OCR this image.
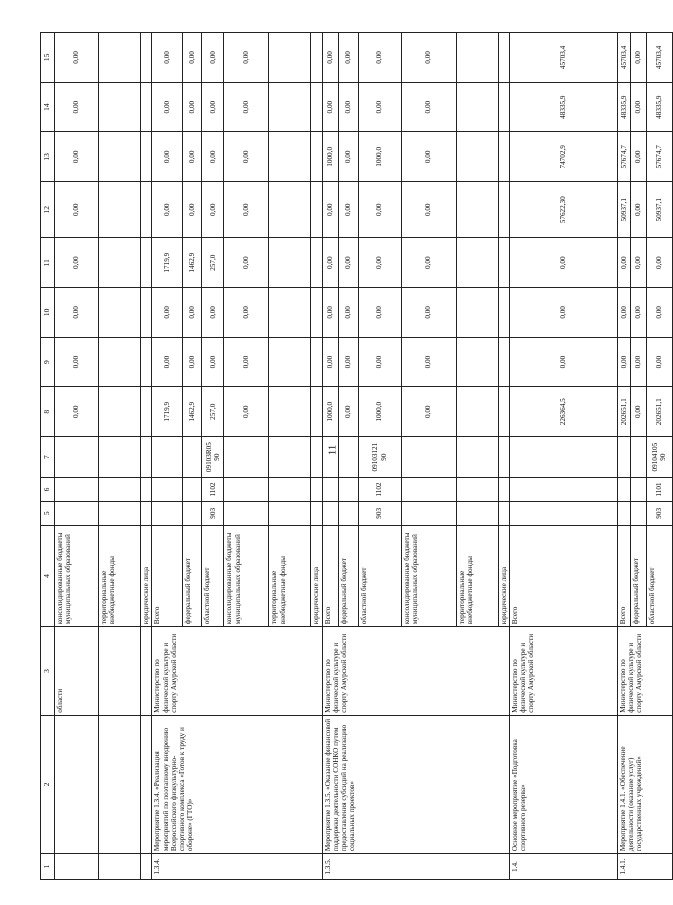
11
1	2	3	4	5	6	7	8	9	10	11	12	13	14	15
		области	консолидированные бюджеты муниципальных образований				0,00	0,00	0,00	0,00	0,00	0,00	0,00	0,00
			территориальные внебюджетные фонды											
			юридические лица											
1.3.4.	Мероприятие 1.3.4. «Реализация мероприятий по поэтапному внедрению Всероссийского физкультурно-спортивного комплекса «Готов к труду и обороне» (ГТО)»	Министерство по физической культуре и спорту Амурской области	Всего				1719,9	0,00	0,00	1719,9	0,00	0,00	0,00	0,00
			федеральный бюджет				1462,9	0,00	0,00	1462,9	0,00	0,00	0,00	0,00
			областной бюджет	903	1102	09103R05 90	257,0	0,00	0,00	257,0	0,00	0,00	0,00	0,00
			консолидированные бюджеты муниципальных образований				0,00	0,00	0,00	0,00	0,00	0,00	0,00	0,00
			территориальные внебюджетные фонды											
			юридические лица											
1.3.5.	Мероприятие 1.3.5. «Оказание финансовой поддержки деятельности СОНКО путем предоставления субсидий на реализацию социальных проектов»	Министерство по физической культуре и спорту Амурской области	Всего				1000,0	0,00	0,00	0,00	0,00	1000,0	0,00	0,00
			федеральный бюджет				0,00	0,00	0,00	0,00	0,00	0,00	0,00	0,00
			областной бюджет	903	1102	09103121 90	1000,0	0,00	0,00	0,00	0,00	1000,0	0,00	0,00
			консолидированные бюджеты муниципальных образований				0,00	0,00	0,00	0,00	0,00	0,00	0,00	0,00
			территориальные внебюджетные фонды											
			юридические лица											
1.4.	Основное мероприятие «Подготовка спортивного резерва»	Министерство по физической культуре и спорту Амурской области	Всего				226364,5	0,00	0,00	0,00	57622,30	74702,9	48335,9	45703,4
1.4.1.	Мероприятие 1.4.1. «Обеспечение деятельности (оказание услуг) государственных учреждений»	Министерство по физической культуре и спорту Амурской области	Всего				202651,1	0,00	0,00	0,00	50937,1	57674,7	48335,9	45703,4
			федеральный бюджет				0,00	0,00	0,00	0,00	0,00	0,00	0,00	0,00
			областной бюджет	903	1101	09104105 90	202651,1	0,00	0,00	0,00	50937,1	57674,7	48335,9	45703,4
